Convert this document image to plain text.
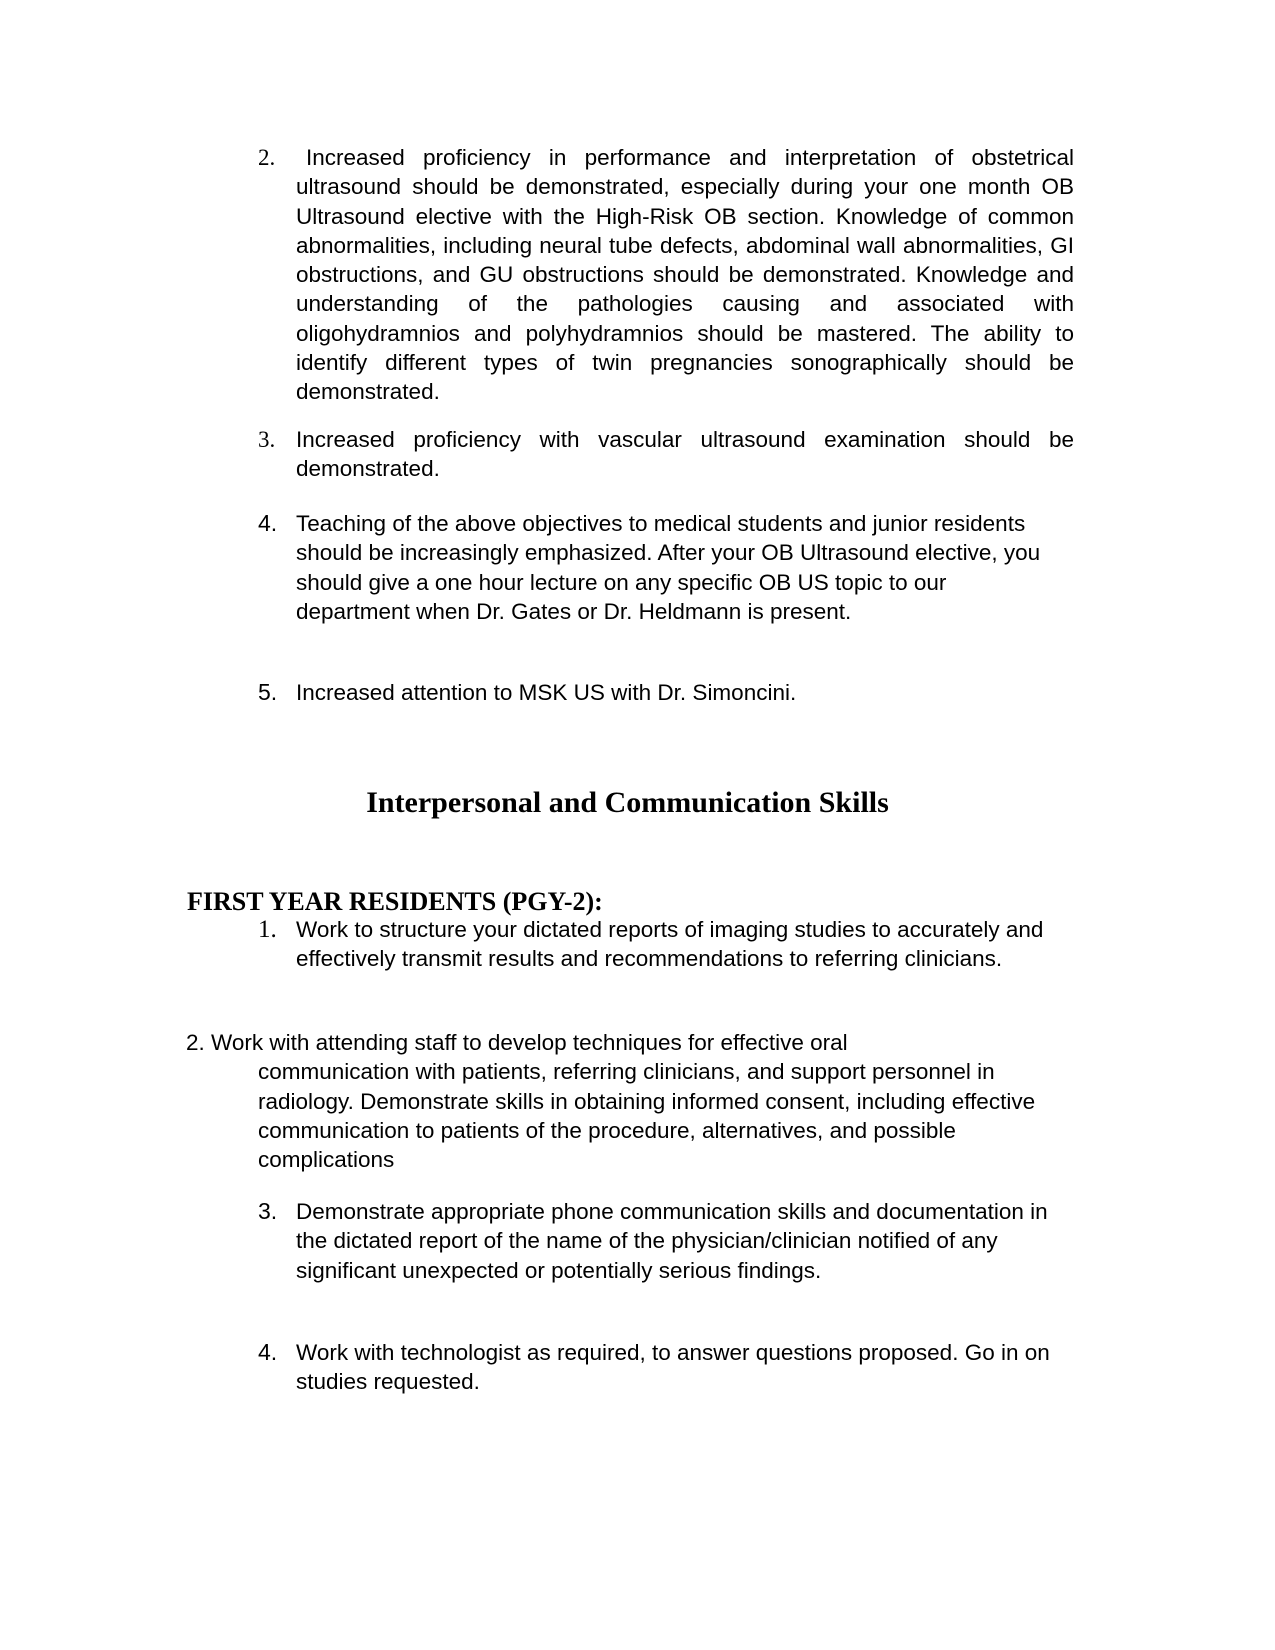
2.	Increased proficiency in performance and interpretation of obstetrical ultrasound should be demonstrated, especially during your one month OB Ultrasound elective with the High-Risk OB section. Knowledge of common abnormalities, including neural tube defects, abdominal wall abnormalities, GI obstructions, and GU obstructions should be demonstrated. Knowledge and understanding of the pathologies causing and associated with oligohydramnios and polyhydramnios should be mastered. The ability to identify different types of twin pregnancies sonographically should be demonstrated.

3. Increased proficiency with vascular ultrasound examination should be demonstrated.

4. Teaching of the above objectives to medical students and junior residents should be increasingly emphasized. After your OB Ultrasound elective, you should give a one hour lecture on any specific OB US topic to our department when Dr. Gates or Dr. Heldmann is present.

5. Increased attention to MSK US with Dr. Simoncini.

Interpersonal and Communication Skills
FIRST YEAR RESIDENTS (PGY-2):
1. Work to structure your dictated reports of imaging studies to accurately and effectively transmit results and recommendations to referring clinicians.

2. Work with attending staff to develop techniques for effective oral
communication with patients, referring clinicians, and support personnel in radiology. Demonstrate skills in obtaining informed consent, including effective communication to patients of the procedure, alternatives, and possible complications
3. Demonstrate appropriate phone communication skills and documentation in the dictated report of the name of the physician/clinician notified of any significant unexpected or potentially serious findings.

4. Work with technologist as required, to answer questions proposed. Go in on studies requested.
